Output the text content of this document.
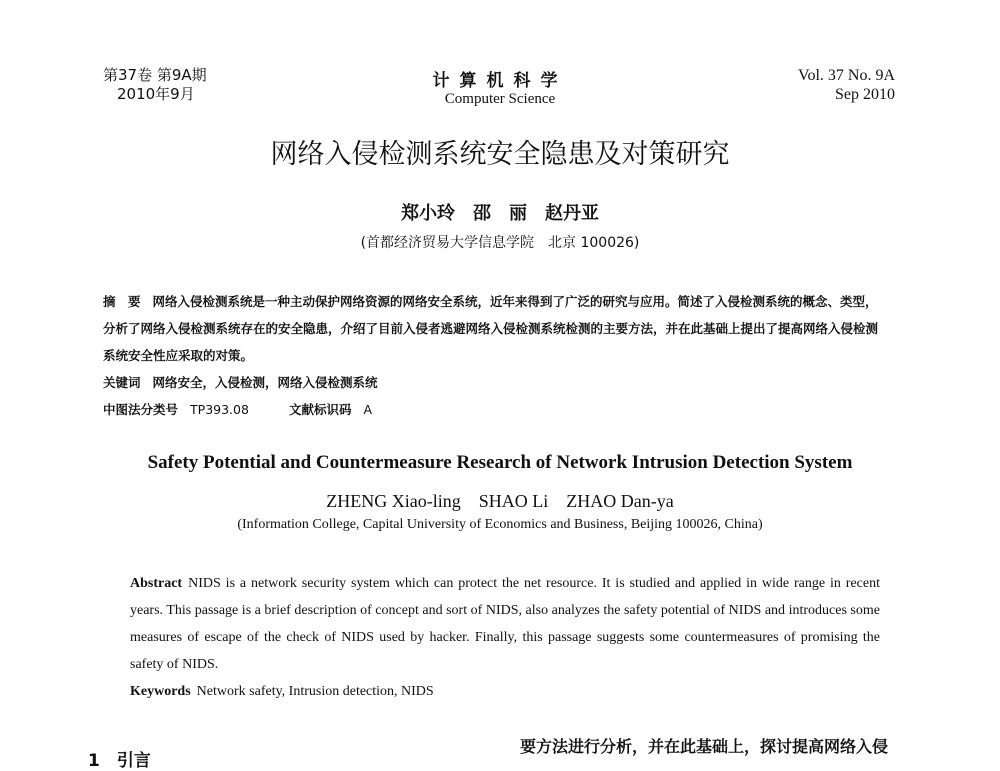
第37卷 第9A期
2010年9月
计算机科学
Computer Science
Vol. 37 No. 9A
Sep 2010
网络入侵检测系统安全隐患及对策研究
郑小玲　邵　丽　赵丹亚
(首都经济贸易大学信息学院　北京 100026)
摘　要 网络入侵检测系统是一种主动保护网络资源的网络安全系统，近年来得到了广泛的研究与应用。简述了入侵检测系统的概念、类型，分析了网络入侵检测系统存在的安全隐患，介绍了目前入侵者逃避网络入侵检测系统检测的主要方法，并在此基础上提出了提高网络入侵检测系统安全性应采取的对策。
关键词 网络安全，入侵检测，网络入侵检测系统
中图法分类号 TP393.08	文献标识码 A
Safety Potential and Countermeasure Research of Network Intrusion Detection System
ZHENG Xiao-ling　SHAO Li　ZHAO Dan-ya
(Information College, Capital University of Economics and Business, Beijing 100026, China)
Abstract NIDS is a network security system which can protect the net resource. It is studied and applied in wide range in recent years. This passage is a brief description of concept and sort of NIDS, also analyzes the safety potential of NIDS and introduces some measures of escape of the check of NIDS used by hacker. Finally, this passage suggests some countermeasures of promising the safety of NIDS.
Keywords Network safety, Intrusion detection, NIDS
1　引言
要方法进行分析，并在此基础上，探讨提高网络入侵
